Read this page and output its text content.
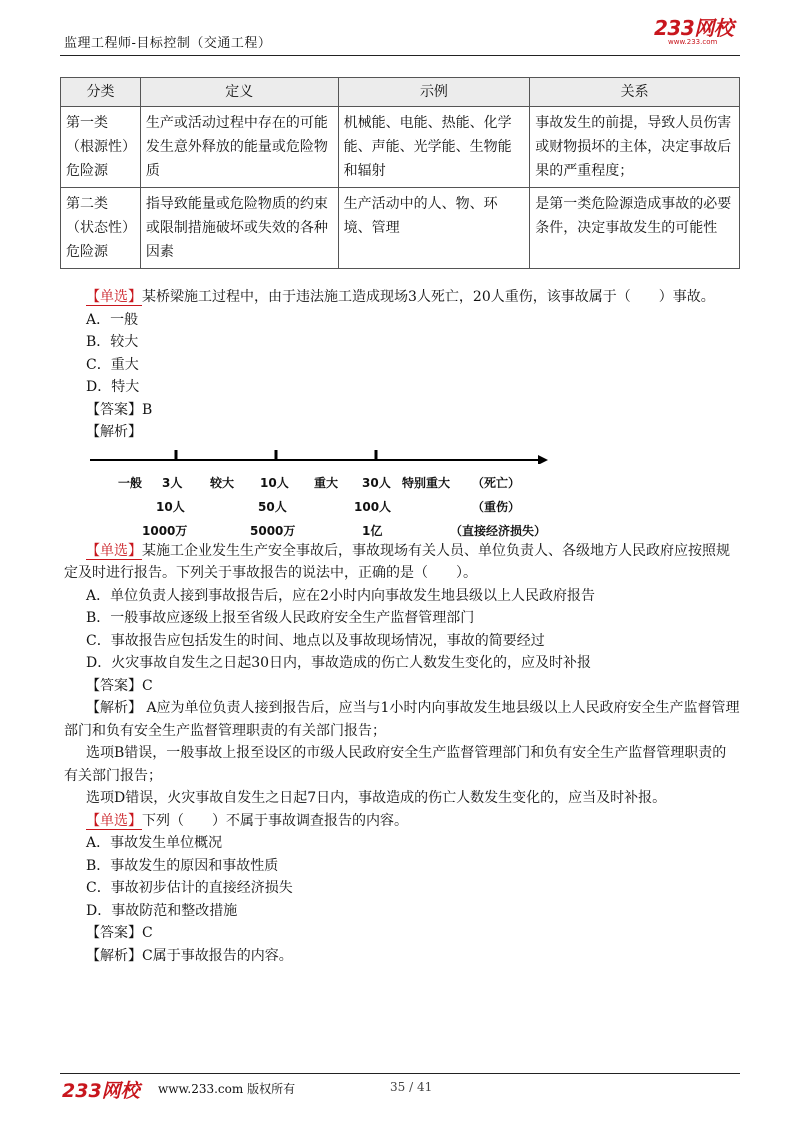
监理工程师-目标控制（交通工程）
233网校
www.233.com
分类	定义	示例	关系
第一类（根源性）危险源	生产或活动过程中存在的可能发生意外释放的能量或危险物质	机械能、电能、热能、化学能、声能、光学能、生物能和辐射	事故发生的前提，导致人员伤害或财物损坏的主体，决定事故后果的严重程度；
第二类（状态性）危险源	指导致能量或危险物质的约束或限制措施破坏或失效的各种因素	生产活动中的人、物、环境、管理	是第一类危险源造成事故的必要条件，决定事故发生的可能性

【单选】某桥梁施工过程中，由于违法施工造成现场3人死亡，20人重伤，该事故属于（　　）事故。

A．一般

B．较大

C．重大

D．特大

【答案】B

【解析】

一般 3人 较大 10人 重大 30人 特别重大 （死亡）
10人	50人	100人	（重伤）
1000万	5000万	1亿	（直接经济损失）

【单选】某施工企业发生生产安全事故后，事故现场有关人员、单位负责人、各级地方人民政府应按照规定及时进行报告。下列关于事故报告的说法中，正确的是（　　）。

A．单位负责人接到事故报告后，应在2小时内向事故发生地县级以上人民政府报告

B．一般事故应逐级上报至省级人民政府安全生产监督管理部门

C．事故报告应包括发生的时间、地点以及事故现场情况，事故的简要经过

D．火灾事故自发生之日起30日内，事故造成的伤亡人数发生变化的，应及时补报

【答案】C

【解析】 A应为单位负责人接到报告后，应当与1小时内向事故发生地县级以上人民政府安全生产监督管理部门和负有安全生产监督管理职责的有关部门报告；

选项B错误，一般事故上报至设区的市级人民政府安全生产监督管理部门和负有安全生产监督管理职责的有关部门报告；

选项D错误，火灾事故自发生之日起7日内，事故造成的伤亡人数发生变化的，应当及时补报。

【单选】下列（　　）不属于事故调查报告的内容。

A．事故发生单位概况

B．事故发生的原因和事故性质

C．事故初步估计的直接经济损失

D．事故防范和整改措施

【答案】C

【解析】C属于事故报告的内容。

233网校 www.233.com 版权所有	35 / 41
